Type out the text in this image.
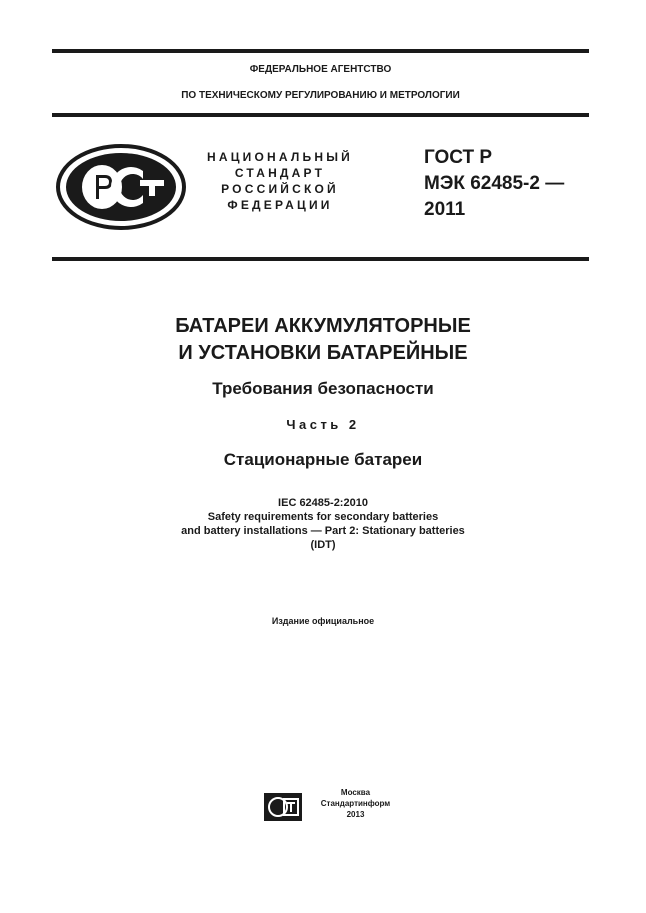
ФЕДЕРАЛЬНОЕ АГЕНТСТВО
ПО ТЕХНИЧЕСКОМУ РЕГУЛИРОВАНИЮ И МЕТРОЛОГИИ
НАЦИОНАЛЬНЫЙ
СТАНДАРТ
РОССИЙСКОЙ
ФЕДЕРАЦИИ
ГОСТ Р
МЭК 62485-2 —
2011
БАТАРЕИ АККУМУЛЯТОРНЫЕ
И УСТАНОВКИ БАТАРЕЙНЫЕ
Требования безопасности
Часть 2
Стационарные батареи
IEC 62485-2:2010
Safety requirements for secondary batteries
and battery installations — Part 2: Stationary batteries
(IDT)
Издание официальное
Москва
Стандартинформ
2013
